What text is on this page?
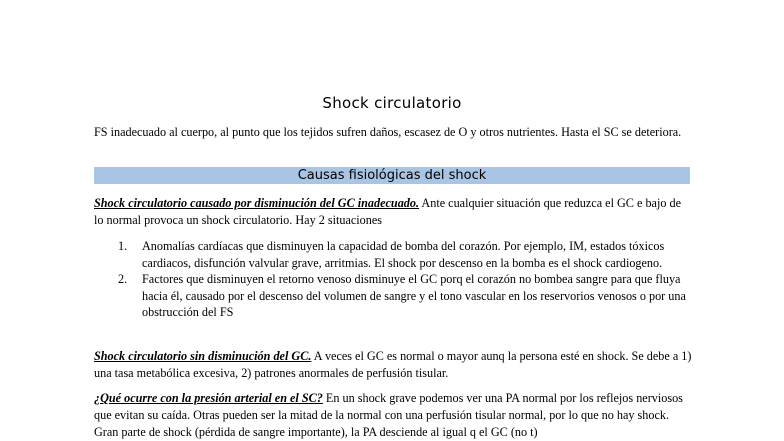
Shock circulatorio

FS inadecuado al cuerpo, al punto que los tejidos sufren daños, escasez de O y otros nutrientes. Hasta el SC se deteriora.

Causas fisiológicas del shock

Shock circulatorio causado por disminución del GC inadecuado. Ante cualquier situación que reduzca el GC e bajo de lo normal provoca un shock circulatorio. Hay 2 situaciones

1. Anomalías cardíacas que disminuyen la capacidad de bomba del corazón. Por ejemplo, IM, estados tóxicos cardiacos, disfunción valvular grave, arritmias. El shock por descenso en la bomba es el shock cardiogeno.
2. Factores que disminuyen el retorno venoso disminuye el GC porq el corazón no bombea sangre para que fluya hacia él, causado por el descenso del volumen de sangre y el tono vascular en los reservorios venosos o por una obstrucción del FS

Shock circulatorio sin disminución del GC. A veces el GC es normal o mayor aunq la persona esté en shock. Se debe a 1) una tasa metabólica excesiva, 2) patrones anormales de perfusión tisular.

¿Qué ocurre con la presión arterial en el SC? En un shock grave podemos ver una PA normal por los reflejos nerviosos que evitan su caída. Otras pueden ser la mitad de la normal con una perfusión tisular normal, por lo que no hay shock. Gran parte de shock (pérdida de sangre importante), la PA desciende al igual q el GC (no t)
